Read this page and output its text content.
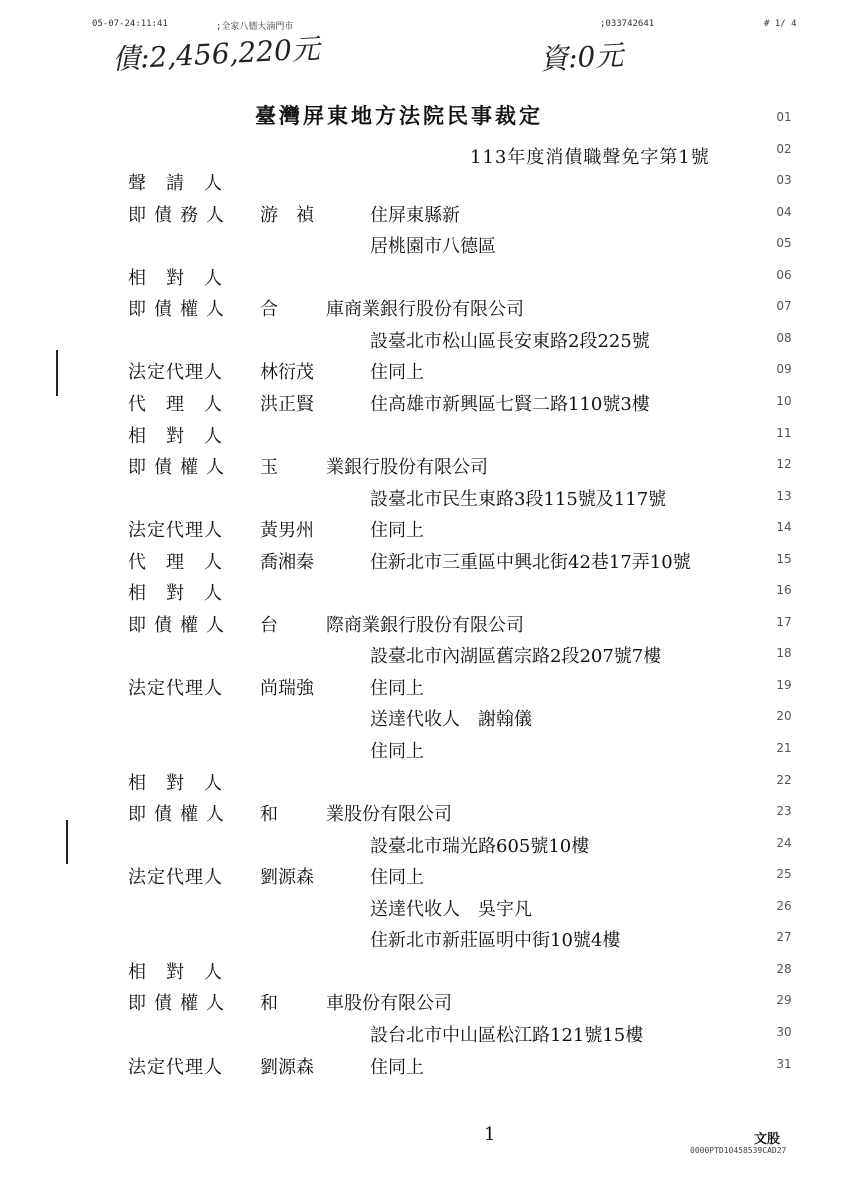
05-07-24:11:41	;全家八德大湳門市	;033742641	# 1/ 4
債:2,456,220元	資:0元
臺灣屏東地方法院民事裁定
113年度消債職聲免字第1號
01
02
03
聲　請　人
04
即債務人 游　禎	住屏東縣新
05
居桃園市八德區
06
相　對　人
07
即債權人 合	庫商業銀行股份有限公司
08
設臺北市松山區長安東路2段225號
09
法定代理人 林衍茂	住同上
10
代　理　人 洪正賢	住高雄市新興區七賢二路110號3樓
11
相　對　人
12
即債權人 玉	業銀行股份有限公司
13
設臺北市民生東路3段115號及117號
14
法定代理人 黃男州	住同上
15
代　理　人 喬湘秦	住新北市三重區中興北街42巷17弄10號
16
相　對　人
17
即債權人 台	際商業銀行股份有限公司
18
設臺北市內湖區舊宗路2段207號7樓
19
法定代理人 尚瑞強	住同上
20
送達代收人　謝翰儀
21
住同上
22
相　對　人
23
即債權人 和	業股份有限公司
24
設臺北市瑞光路605號10樓
25
法定代理人 劉源森	住同上
26
送達代收人　吳宇凡
27
住新北市新莊區明中街10號4樓
28
相　對　人
29
即債權人 和	車股份有限公司
30
設台北市中山區松江路121號15樓
31
法定代理人 劉源森	住同上
1	文股
0000PTD10458539CAD27
